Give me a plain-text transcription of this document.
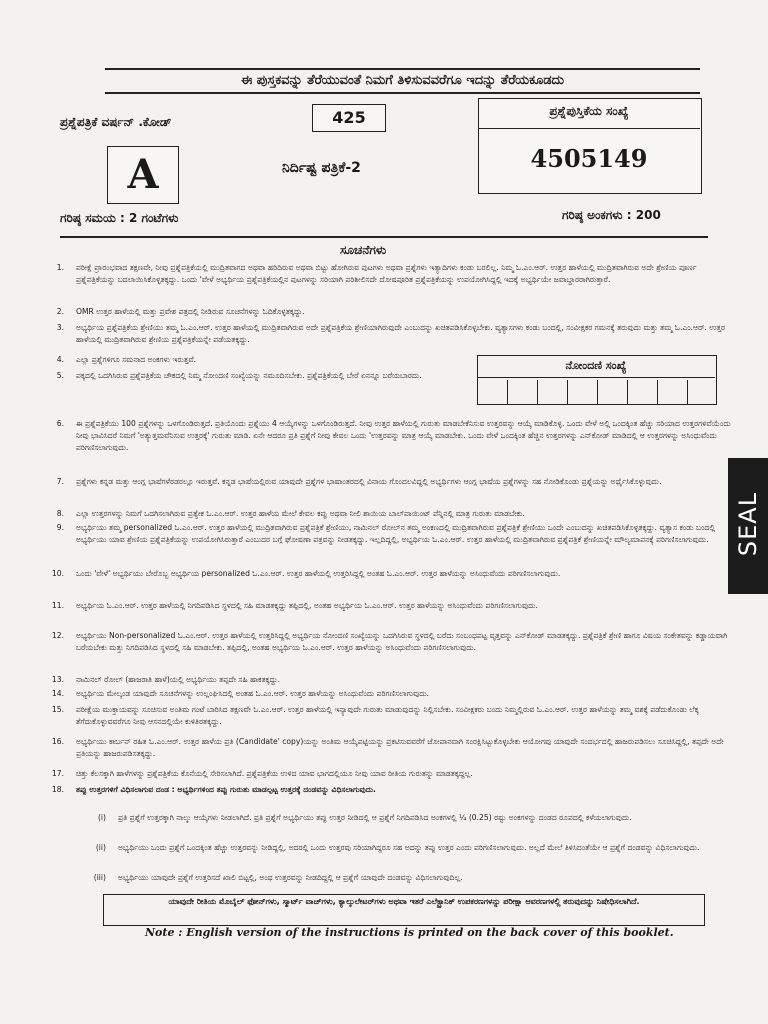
ಈ ಪುಸ್ತಕವನ್ನು ತೆರೆಯುವಂತೆ ನಿಮಗೆ ತಿಳಿಸುವವರೆಗೂ ಇದನ್ನು ತೆರೆಯಕೂಡದು
ಪ್ರಶ್ನೆಪತ್ರಿಕೆ ವರ್ಷನ್ .ಕೋಡ್	425	ಪ್ರಶ್ನೆಪುಸ್ತಿಕೆಯ ಸಂಖ್ಯೆ
4505149
A	ನಿರ್ದಿಷ್ಟ ಪತ್ರಿಕೆ-2
ಗರಿಷ್ಠ ಸಮಯ : 2 ಗಂಟೆಗಳು	ಗರಿಷ್ಠ ಅಂಕಗಳು : 200
ಸೂಚನೆಗಳು
ನೋಂದಣಿ ಸಂಖ್ಯೆ
1. ಪರೀಕ್ಷೆ ಪ್ರಾರಂಭವಾದ ತಕ್ಷಣವೇ, ನೀವು ಪ್ರಶ್ನೆಪತ್ರಿಕೆಯಲ್ಲಿ ಮುದ್ರಿತವಾಗದ ಅಥವಾ ಹರಿದಿರುವ ಅಥವಾ ಬಿಟ್ಟು ಹೋಗಿರುವ ಪುಟಗಳು ಅಥವಾ ಪ್ರಶ್ನೆಗಳು ಇತ್ಯಾದಿಗಳು ಕಂಡು ಬರಲಿಲ್ಲ. ನಿಮ್ಮ ಓ.ಎಂ.ಆರ್. ಉತ್ತರ ಹಾಳೆಯಲ್ಲಿ ಮುದ್ರಿತವಾಗಿರುವ ಅದೇ ಶ್ರೇಣಿಯ ಪೂರ್ಣ ಪ್ರಶ್ನೆಪತ್ರಿಕೆಯನ್ನು ಬದಲಾಯಿಸಿಕೊಳ್ಳತಕ್ಕದ್ದು. ಒಂದು 'ವೇಳೆ ಅಭ್ಯರ್ಥಿಯ ಪ್ರಶ್ನೆಪತ್ರಿಕೆಯಲ್ಲಿನ ಪುಟಗಳನ್ನು ಸರಿಯಾಗಿ ಪರಿಶೀಲಿಸದೇ ದೋಷಪೂರಿತ ಪ್ರಶ್ನೆಪತ್ರಿಕೆಯನ್ನು ಉಪಯೋಗಿಸಿದ್ದಲ್ಲಿ ಇದಕ್ಕೆ ಅಭ್ಯರ್ಥಿಯೇ ಜವಾಬ್ದಾರರಾಗಿರುತ್ತಾರೆ.
2. OMR ಉತ್ತರ ಹಾಳೆಯಲ್ಲಿ ಮತ್ತು ಪ್ರವೇಶ ಪತ್ರದಲ್ಲಿ ನೀಡಿರುವ ಸೂಚನೆಗಳನ್ನು ಓದಿಕೊಳ್ಳತಕ್ಕದ್ದು.
3. ಅಭ್ಯರ್ಥಿಯ ಪ್ರಶ್ನೆಪತ್ರಿಕೆಯ ಶ್ರೇಣಿಯು ತಮ್ಮ ಓ.ಎಂ.ಆರ್. ಉತ್ತರ ಹಾಳೆಯಲ್ಲಿ ಮುದ್ರಿತವಾಗಿರುವ ಅದೇ ಪ್ರಶ್ನೆಪತ್ರಿಕೆಯ ಶ್ರೇಣಿಯಾಗಿರುವುದೇ ಎಂಬುದನ್ನು ಖಚಿತಪಡಿಸಿಕೊಳ್ಳಬೇಕು. ವ್ಯತ್ಯಾಸಗಳು ಕಂಡು ಬಂದಲ್ಲಿ, ಸಂವೀಕ್ಷಕರ ಗಮನಕ್ಕೆ ತರುವುದು ಮತ್ತು ತಮ್ಮ ಓ.ಎಂ.ಆರ್. ಉತ್ತರ ಹಾಳೆಯಲ್ಲಿ ಮುದ್ರಿತವಾಗಿರುವ ಶ್ರೇಣಿಯ ಪ್ರಶ್ನೆಪತ್ರಿಕೆಯನ್ನೇ ಪಡೆಯತಕ್ಕದ್ದು.
4. ಎಲ್ಲಾ ಪ್ರಶ್ನೆಗಳಿಗೂ ಸಮನಾದ ಅಂಕಗಳು ಇರುತ್ತವೆ.
5. ಪಕ್ಕದಲ್ಲಿ ಒದಗಿಸಿರುವ ಪ್ರಶ್ನೆಪತ್ರಿಕೆಯ ಚೌಕದಲ್ಲಿ ನಿಮ್ಮ ನೋಂದಣಿ ಸಂಖ್ಯೆಯನ್ನು ನಮೂದಿಸಬೇಕು. ಪ್ರಶ್ನೆಪತ್ರಿಕೆಯಲ್ಲಿ ಬೇರೆ ಏನನ್ನೂ ಬರೆಯಬಾರದು.
6. ಈ ಪ್ರಶ್ನೆಪತ್ರಿಕೆಯು 100 ಪ್ರಶ್ನೆಗಳನ್ನು ಒಳಗೊಂಡಿರುತ್ತದೆ. ಪ್ರತಿಯೊಂದು ಪ್ರಶ್ನೆಯು 4 ಆಯ್ಕೆಗಳನ್ನು ಒಳಗೊಂಡಿರುತ್ತದೆ. ನೀವು ಉತ್ತರ ಹಾಳೆಯಲ್ಲಿ ಗುರುತು ಮಾಡಬೇಕೆನಿಸುವ ಉತ್ತರವನ್ನು ಆಯ್ಕೆ ಮಾಡಿಕೊಳ್ಳಿ. ಒಂದು ವೇಳೆ ಅಲ್ಲಿ ಒಂದಕ್ಕಿಂತ ಹೆಚ್ಚು ಸರಿಯಾದ ಉತ್ತರಗಳಿವೆಯೆಂದು ನೀವು ಭಾವಿಸಿದರೆ ನಿಮಗೆ 'ಅತ್ಯುತ್ತಮವೆನಿಸುವ ಉತ್ತರಕ್ಕೆ' ಗುರುತು ಮಾಡಿ. ಏನೇ ಆದರೂ ಪ್ರತಿ ಪ್ರಶ್ನೆಗೆ ನೀವು ಕೇವಲ ಒಂದು 'ಉತ್ತರವನ್ನು ಮಾತ್ರ ಆಯ್ಕೆ ಮಾಡಬೇಕು. ಒಂದು ವೇಳೆ ಒಂದಕ್ಕಿಂತ ಹೆಚ್ಚಿನ ಉತ್ತರಗಳನ್ನು ಎನ್‌ಕೋಡ್ ಮಾಡಿದಲ್ಲಿ ಆ ಉತ್ತರಗಳನ್ನು ಅಸಿಂಧುವೆಂದು ಪರಿಗಣಿಸಲಾಗುವುದು.
7. ಪ್ರಶ್ನೆಗಳು ಕನ್ನಡ ಮತ್ತು ಆಂಗ್ಲ ಭಾಷೆಗಳೆರಡರಲ್ಲೂ ಇರುತ್ತವೆ. ಕನ್ನಡ ಭಾಷೆಯಲ್ಲಿರುವ ಯಾವುದೇ ಪ್ರಶ್ನೆಗಳ ಭಾಷಾಂತರದಲ್ಲಿ ವಿನಾಯ ಗೊಂದಲವಿದ್ದಲ್ಲಿ ಅಭ್ಯರ್ಥಿಗಳು ಆಂಗ್ಲ ಭಾಷೆಯ ಪ್ರಶ್ನೆಗಳನ್ನು ಸಹ ನೋಡಿಕೊಂಡು ಪ್ರಶ್ನೆಯನ್ನು ಅರ್ಥೈಸಿಕೊಳ್ಳುವುದು.
8. ಎಲ್ಲಾ ಉತ್ತರಗಳನ್ನು ನಿಮಗೆ ಒದಗಿಸಲಾಗಿರುವ ಪ್ರತ್ಯೇಕ ಓ.ಎಂ.ಆರ್. ಉತ್ತರ ಹಾಳೆಯ ಮೇಲೆ ಕೇವಲ ಕಪ್ಪು ಅಥವಾ ನೀಲಿ ಶಾಯಿಯ ಬಾಲ್‌ಪಾಯಿಂಟ್ ಪೆನ್ನಿನಲ್ಲಿ ಮಾತ್ರ ಗುರುತು ಮಾಡಬೇಕು.
9. ಅಭ್ಯರ್ಥಿಯು ತಮ್ಮ personalized ಓ.ಎಂ.ಆರ್. ಉತ್ತರ ಹಾಳೆಯಲ್ಲಿ ಮುದ್ರಿತವಾಗಿರುವ ಪ್ರಶ್ನೆಪತ್ರಿಕೆ ಶ್ರೇಣಿಯು, ನಾಮಿನಲ್ ರೋಲ್‌ನ ತಮ್ಮ ಅಂಕಣದಲ್ಲಿ ಮುದ್ರಿತವಾಗಿರುವ ಪ್ರಶ್ನೆಪತ್ರಿಕೆ ಶ್ರೇಣಿಯು ಒಂದೇ ಎಂಬುದನ್ನು ಖಚಿತಪಡಿಸಿಕೊಳ್ಳತಕ್ಕದ್ದು. ವ್ಯತ್ಯಾಸ ಕಂಡು ಬಂದಲ್ಲಿ ಅಭ್ಯರ್ಥಿಯು ಯಾವ ಶ್ರೇಣಿಯ ಪ್ರಶ್ನೆಪತ್ರಿಕೆಯನ್ನು ಉಪಯೋಗಿಸಿರುತ್ತಾರೆ ಎಂಬುದರ ಬಗ್ಗೆ ಘೋಷಣಾ ಪತ್ರವನ್ನು ನೀಡತಕ್ಕದ್ದು. ಇಲ್ಲದಿದ್ದಲ್ಲಿ, ಅಭ್ಯರ್ಥಿಯ ಓ.ಎಂ.ಆರ್. ಉತ್ತರ ಹಾಳೆಯಲ್ಲಿ ಮುದ್ರಿತವಾಗಿರುವ ಪ್ರಶ್ನೆಪತ್ರಿಕೆ ಶ್ರೇಣಿಯನ್ನೇ ಮೌಲ್ಯಮಾಪನಕ್ಕೆ ಪರಿಗಣಿಸಲಾಗುವುದು.
10. ಒಂದು 'ವೇಳೆ' ಅಭ್ಯರ್ಥಿಯು ಬೇರೊಬ್ಬ ಅಭ್ಯರ್ಥಿಯ personalized ಓ.ಎಂ.ಆರ್. ಉತ್ತರ ಹಾಳೆಯಲ್ಲಿ ಉತ್ತರಿಸಿದ್ದಲ್ಲಿ ಅಂತಹ ಓ.ಎಂ.ಆರ್. ಉತ್ತರ ಹಾಳೆಯನ್ನು ಅಸಿಂಧುವೆಂದು ಪರಿಗಣಿಸಲಾಗುವುದು.
11. ಅಭ್ಯರ್ಥಿಯ ಓ.ಎಂ.ಆರ್. ಉತ್ತರ ಹಾಳೆಯಲ್ಲಿ ನಿಗದಿಪಡಿಸಿದ ಸ್ಥಳದಲ್ಲಿ ಸಹಿ ಮಾಡತಕ್ಕದ್ದು ತಪ್ಪಿದಲ್ಲಿ, ಅಂತಹ ಅಭ್ಯರ್ಥಿಯ ಓ.ಎಂ.ಆರ್. ಉತ್ತರ ಹಾಳೆಯನ್ನು ಅಸಿಂಧುವೆಂದು ಪರಿಗಣಿಸಲಾಗುವುದು.
12. ಅಭ್ಯರ್ಥಿಯು Non-personalized ಓ.ಎಂ.ಆರ್. ಉತ್ತರ ಹಾಳೆಯಲ್ಲಿ ಉತ್ತರಿಸಿದ್ದಲ್ಲಿ ಅಭ್ಯರ್ಥಿಯ ನೋಂದಣಿ ಸಂಖ್ಯೆಯನ್ನು ಒದಗಿಸಿರುವ ಸ್ಥಳದಲ್ಲಿ ಬರೆದು ಸಂಬಂಧಪಟ್ಟ ವೃತ್ತವನ್ನು ಎನ್‌ಕೋಡ್ ಮಾಡತಕ್ಕದ್ದು. ಪ್ರಶ್ನೆಪತ್ರಿಕೆ ಶ್ರೇಣಿ ಹಾಗೂ ವಿಷಯ ಸಂಕೇತವನ್ನು ಕಡ್ಡಾಯವಾಗಿ ಬರೆಯಬೇಕು ಮತ್ತು ನಿಗದಿಪಡಿಸಿದ ಸ್ಥಳದಲ್ಲಿ ಸಹಿ ಮಾಡಬೇಕು. ತಪ್ಪಿದಲ್ಲಿ, ಅಂತಹ ಅಭ್ಯರ್ಥಿಯ ಓ.ಎಂ.ಆರ್. ಉತ್ತರ ಹಾಳೆಯನ್ನು ಅಸಿಂಧುವೆಂದು ಪರಿಗಣಿಸಲಾಗುವುದು.
13. ನಾಮಿನಲ್ ರೋಲ್ (ಹಾಜರಾತಿ ಹಾಳೆ)ಯಲ್ಲಿ ಅಭ್ಯರ್ಥಿಯು ತಪ್ಪದೇ ಸಹಿ ಹಾಕತಕ್ಕದ್ದು.
14. ಅಭ್ಯರ್ಥಿಯ ಮೇಲ್ಕಂಡ ಯಾವುದೇ ಸೂಚನೆಗಳನ್ನು ಉಲ್ಲಂಘಿಸಿದಲ್ಲಿ ಅಂತಹ ಓ.ಎಂ.ಆರ್. ಉತ್ತರ ಹಾಳೆಯನ್ನು ಅಸಿಂಧುವೆಂದು ಪರಿಗಣಿಸಲಾಗುವುದು.
15. ಪರೀಕ್ಷೆಯ ಮುಕ್ತಾಯವನ್ನು ಸೂಚಿಸುವ ಅಂತಿಮ ಗಂಟೆ ಬಾರಿಸಿದ ತಕ್ಷಣವೇ ಓ.ಎಂ.ಆರ್. ಉತ್ತರ ಹಾಳೆಯಲ್ಲಿ ಇನ್ಯಾವುದೇ ಗುರುತು ಮಾಡುವುದನ್ನು ನಿಲ್ಲಿಸಬೇಕು. ಸಂವೀಕ್ಷಕರು ಬಂದು ನಿಮ್ಮಲ್ಲಿರುವ ಓ.ಎಂ.ಆರ್. ಉತ್ತರ ಹಾಳೆಯನ್ನು ತಮ್ಮ ವಶಕ್ಕೆ ಪಡೆದುಕೊಂಡು ಲೆಕ್ಕ ತೆಗೆದುಕೊಳ್ಳುವವರೆಗೂ ನೀವು ಆಸನದಲ್ಲಿಯೇ ಕುಳಿತಿರತಕ್ಕದ್ದು.
16. ಅಭ್ಯರ್ಥಿಯು ಕಾರ್ಬನ್ ರಹಿತ ಓ.ಎಂ.ಆರ್. ಉತ್ತರ ಹಾಳೆಯ ಪ್ರತಿ (Candidate' copy)ಯನ್ನು ಅಂತಿಮ ಆಯ್ಕೆಪಟ್ಟಿಯನ್ನು ಪ್ರಕಟಿಸುವವರೆಗೆ ಜೋಪಾನವಾಗಿ ಸಂರಕ್ಷಿಸಿಟ್ಟುಕೊಳ್ಳಬೇಕು ಆಯೋಗವು ಯಾವುದೇ ಸಂದರ್ಭದಲ್ಲಿ ಹಾಜರುಪಡಿಸಲು ಸೂಚಿಸಿದ್ದಲ್ಲಿ, ತಪ್ಪದೇ ಅದೇ ಪ್ರತಿಯನ್ನು ಹಾಜರುಪಡಿಸತಕ್ಕದ್ದು.
17. ಚಿತ್ತು ಕೆಲಸಕ್ಕಾಗಿ ಹಾಳೆಗಳನ್ನು ಪ್ರಶ್ನೆಪತ್ರಿಕೆಯ ಕೊನೆಯಲ್ಲಿ ಸೇರಿಸಲಾಗಿದೆ. ಪ್ರಶ್ನೆಪತ್ರಿಕೆಯ ಉಳಿದ ಯಾವ ಭಾಗದಲ್ಲಿಯೂ ನೀವು ಯಾವ ರೀತಿಯ ಗುರುತನ್ನು ಮಾಡತಕ್ಕದ್ದಲ್ಲ.
18. ತಪ್ಪು ಉತ್ತರಗಳಿಗೆ ವಿಧಿಸಲಾಗುವ ದಂಡ : ಅಭ್ಯರ್ಥಿಗಳಿಂದ ತಪ್ಪು ಗುರುತು ಮಾಡಲ್ಪಟ್ಟ ಉತ್ತರಕ್ಕೆ ದಂಡವನ್ನು ವಿಧಿಸಲಾಗುವುದು.
(i) ಪ್ರತಿ ಪ್ರಶ್ನೆಗೆ ಉತ್ತರಕ್ಕಾಗಿ ನಾಲ್ಕು ಆಯ್ಕೆಗಳು ನೀಡಲಾಗಿದೆ. ಪ್ರತಿ ಪ್ರಶ್ನೆಗೆ ಅಭ್ಯರ್ಥಿಯು ತಪ್ಪು ಉತ್ತರ ನೀಡಿದಲ್ಲಿ ಆ ಪ್ರಶ್ನೆಗೆ ನಿಗದಿಪಡಿಸಿದ ಅಂಕಗಳಲ್ಲಿ ¼ (0.25) ರಷ್ಟು ಅಂಕಗಳನ್ನು ದಂಡದ ರೂಪದಲ್ಲಿ ಕಳೆಯಲಾಗುವುದು.
(ii) ಅಭ್ಯರ್ಥಿಯು ಒಂದು ಪ್ರಶ್ನೆಗೆ ಒಂದಕ್ಕಿಂತ ಹೆಚ್ಚು ಉತ್ತರವನ್ನು ನೀಡಿದ್ದಲ್ಲಿ, ಅದರಲ್ಲಿ ಒಂದು ಉತ್ತರವು ಸರಿಯಾಗಿದ್ದರೂ ಸಹ ಅದನ್ನು ತಪ್ಪು ಉತ್ತರ ಎಂದು ಪರಿಗಣಿಸಲಾಗುವುದು. ಅಲ್ಲದೆ ಮೇಲೆ ತಿಳಿಸಿದಂತೆಯೇ ಆ ಪ್ರಶ್ನೆಗೆ ದಂಡವನ್ನು ವಿಧಿಸಲಾಗುವುದು.
(iii) ಅಭ್ಯರ್ಥಿಯು ಯಾವುದೇ ಪ್ರಶ್ನೆಗೆ ಉತ್ತರಿಸದೆ ಖಾಲಿ ಬಿಟ್ಟಲ್ಲಿ, ಅಂಥ ಉತ್ತರವನ್ನು ನೀಡದಿದ್ದಲ್ಲಿ ಆ ಪ್ರಶ್ನೆಗೆ ಯಾವುದೇ ದಂಡವನ್ನು ವಿಧಿಸಲಾಗುವುದಿಲ್ಲ.
ಯಾವುದೇ ರೀತಿಯ ಮೊಬೈಲ್ ಫೋನ್‌ಗಳು, ಸ್ಮಾರ್ಟ್ ವಾಚ್‌ಗಳು, ಕ್ಯಾಲ್ಕುಲೇಟರ್‌ಗಳು ಅಥವಾ ಇತರೆ ಎಲೆಕ್ಟ್ರಾನಿಕ್ ಉಪಕರಣಗಳನ್ನು ಪರೀಕ್ಷಾ ಆವರಣಗಳಲ್ಲಿ ತರುವುದನ್ನು ನಿಷೇಧಿಸಲಾಗಿದೆ.
Note : English version of the instructions is printed on the back cover of this booklet.
SEAL
